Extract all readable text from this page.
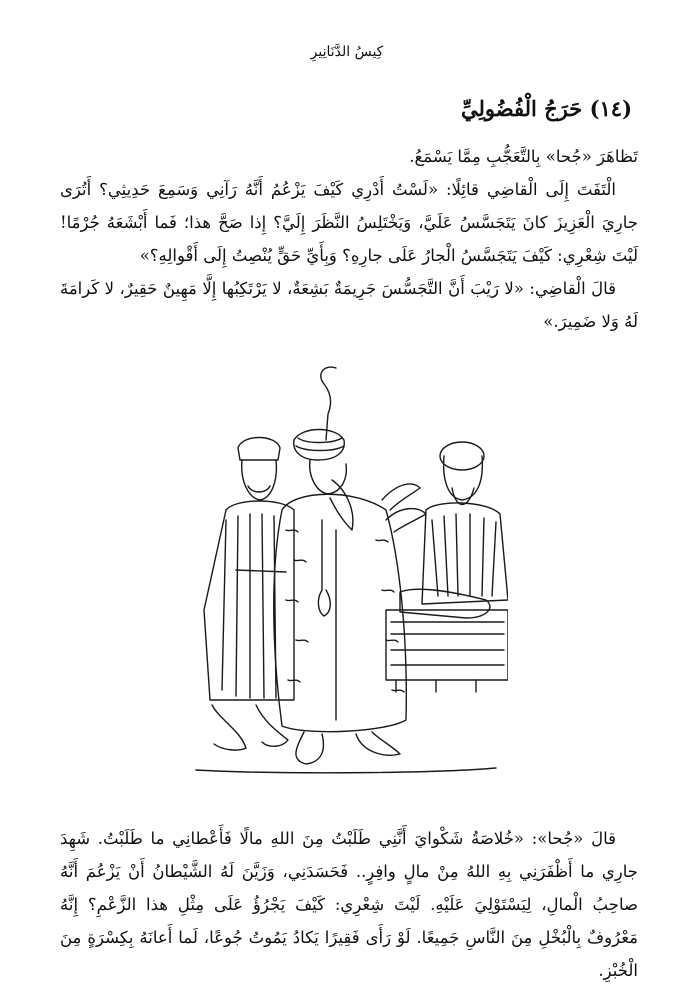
كِيسُ الدَّنَانِيرِ
(١٤) حَرَجُ الْفُضُولِيِّ

تَظاهَرَ «جُحا» بِالتَّعَجُّبِ مِمَّا يَسْمَعُ.

الْتَفَتَ إِلَى الْقاضِي قائِلًا: «لَسْتُ أَدْرِي كَيْفَ يَزْعُمُ أَنَّهُ رَآنِي وَسَمِعَ حَدِيثِي؟ أَتُرَى جارِيَ الْعَزِيزَ كانَ يَتَجَسَّسُ عَلَيَّ، وَيَخْتَلِسُ النَّظَرَ إِلَيَّ؟ إِذا صَحَّ هذا؛ فَما أَبْشَعَهُ جُرْمًا! لَيْتَ شِعْرِي: كَيْفَ يَتَجَسَّسُ الْجارُ عَلَى جارِهِ؟ وَبِأَيِّ حَقٍّ يُنْصِتُ إِلَى أَقْوالِهِ؟»

قالَ الْقاضِي: «لا رَيْبَ أَنَّ التَّجَسُّسَ جَرِيمَةٌ بَشِعَةٌ، لا يَرْتَكِبُها إِلَّا مَهِينٌ حَقِيرٌ، لا كَرامَةَ لَهُ وَلا ضَمِيرَ.»

قالَ «جُحا»: «خُلاصَةُ شَكْوايَ أَنَّنِي طَلَبْتُ مِنَ اللهِ مالًا فَأَعْطانِي ما طَلَبْتُ. شَهِدَ جارِي ما أَظْفَرَنِي بِهِ اللهُ مِنْ مالٍ وافِرٍ.. فَحَسَدَنِي، وَزَيَّنَ لَهُ الشَّيْطانُ أَنْ يَزْعُمَ أَنَّهُ صاحِبُ الْمالِ، لِيَسْتَوْلِيَ عَلَيْهِ. لَيْتَ شِعْرِي: كَيْفَ يَجْرُؤُ عَلَى مِثْلِ هذا الزَّعْمِ؟ إِنَّهُ مَعْرُوفٌ بِالْبُخْلِ مِنَ النَّاسِ جَمِيعًا. لَوْ رَأَى فَقِيرًا يَكادُ يَمُوتُ جُوعًا، لَما أَعانَهُ بِكِسْرَةٍ مِنَ الْخُبْزِ.
